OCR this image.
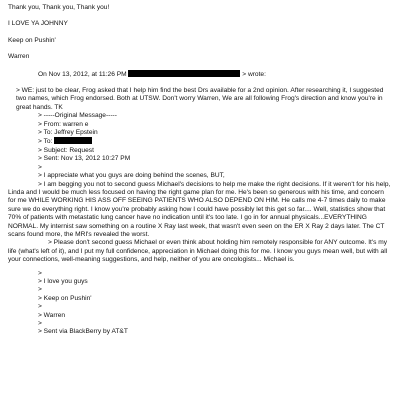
Thank you, Thank you, Thank you!
I LOVE YA JOHNNY
Keep on Pushin'
Warren
On Nov 13, 2012, at 11:26 PM	> wrote:
> WE: just to be clear, Frog asked that I help him find the best Drs available for a 2nd opinion. After researching it, I suggested two names, which Frog endorsed. Both at UTSW. Don't worry Warren, We are all following Frog's direction and know you're in great hands. TK
> -----Original Message-----
> From: warren e
> To: Jeffrey Epstein
> To:
> Subject: Request
> Sent: Nov 13, 2012 10:27 PM
>
> I appreciate what you guys are doing behind the scenes, BUT,
> I am begging you not to second guess Michael's decisions to help me make the right decisions. If it weren't for his help, Linda and I would be much less focused on having the right game plan for me. He's been so generous with his time, and concern for me WHILE WORKING HIS ASS OFF SEEING PATIENTS WHO ALSO DEPEND ON HIM. He calls me 4-7 times daily to make sure we do everything right. I know you're probably asking how I could have possibly let this get so far.... Well, statistics show that 70% of patients with metastatic lung cancer have no indication until it's too late. I go in for annual physicals...EVERYTHING NORMAL. My internist saw something on a routine X Ray last week, that wasn't even seen on the ER X Ray 2 days later. The CT scans found more, the MRI's revealed the worst.
> Please don't second guess Michael or even think about holding him remotely responsible for ANY outcome. It's my life (what's left of it), and I put my full confidence, appreciation in Michael doing this for me. I know you guys mean well, but with all your connections, well-meaning suggestions, and help, neither of you are oncologists... Michael is.
>
> I love you guys
>
> Keep on Pushin'
>
> Warren
>
> Sent via BlackBerry by AT&T
